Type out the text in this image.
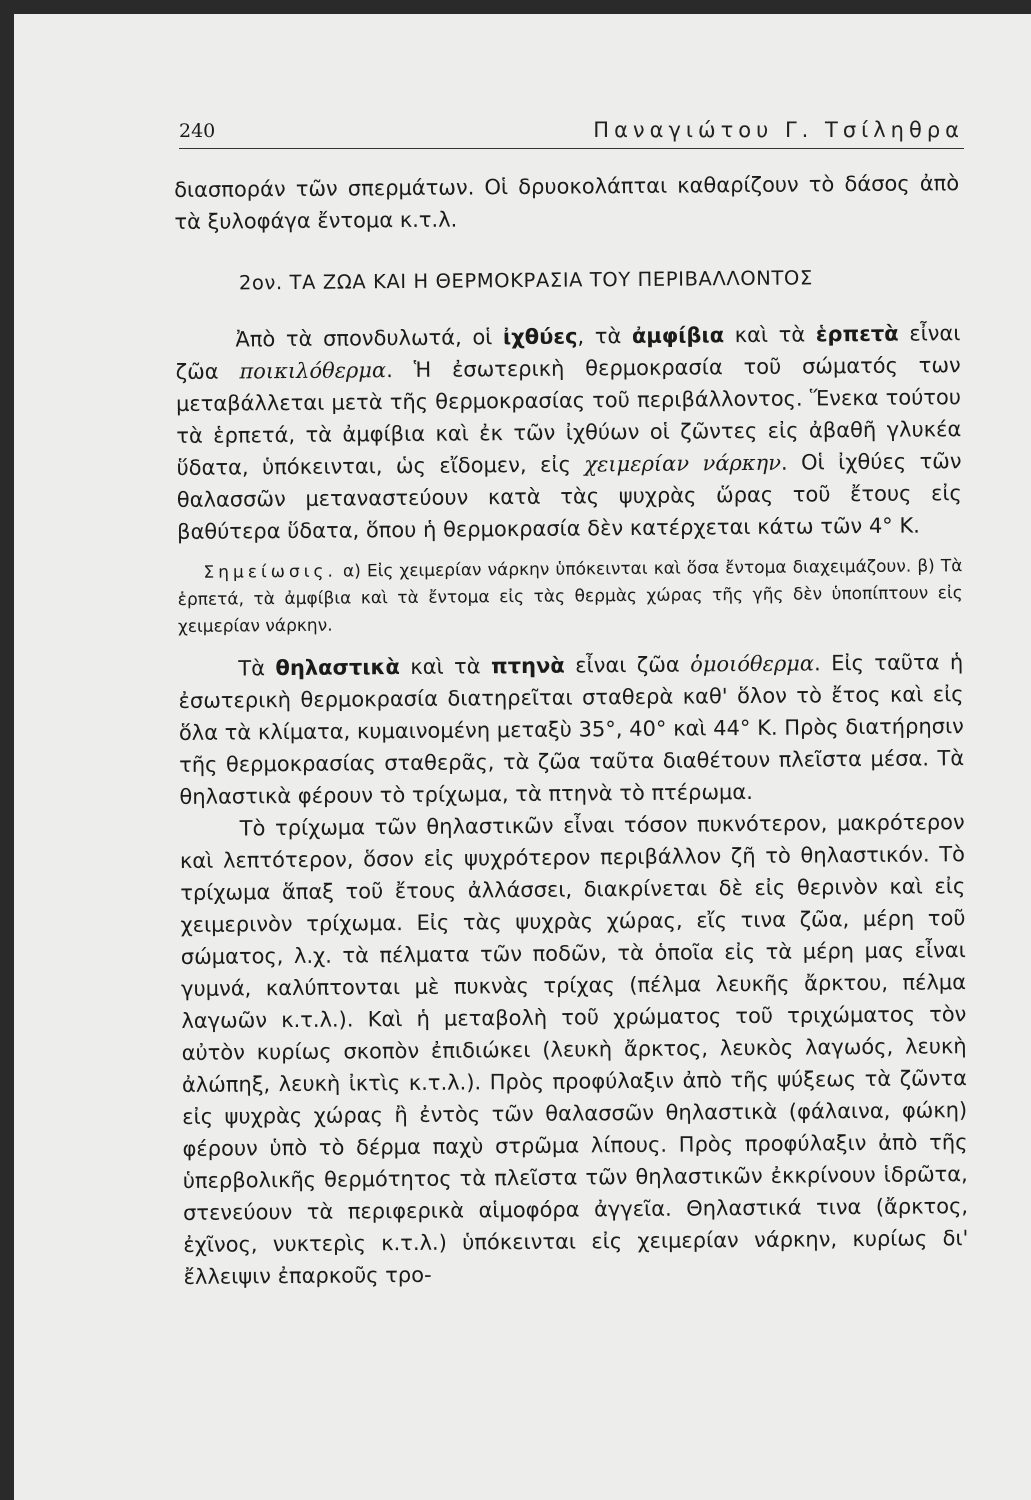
240	Παναγιώτου Γ. Τσίληθρα

διασποράν τῶν σπερμάτων. Οἱ δρυοκολάπται καθαρίζουν τὸ δάσος ἀπὸ τὰ ξυλοφάγα ἔντομα κ.τ.λ.

2ον. ΤΑ ΖΩΑ ΚΑΙ Η ΘΕΡΜΟΚΡΑΣΙΑ ΤΟΥ ΠΕΡΙΒΑΛΛΟΝΤΟΣ

Ἀπὸ τὰ σπονδυλωτά, οἱ ἰχθύες, τὰ ἀμφίβια καὶ τὰ ἑρπετὰ εἶναι ζῶα ποικιλόθερμα. Ἡ ἐσωτερικὴ θερμοκρασία τοῦ σώματός των μεταβάλλεται μετὰ τῆς θερμοκρασίας τοῦ περιβάλλοντος. Ἕνεκα τούτου τὰ ἑρπετά, τὰ ἀμφίβια καὶ ἐκ τῶν ἰχθύων οἱ ζῶντες εἰς ἀβαθῆ γλυκέα ὕδατα, ὑπόκεινται, ὡς εἴδομεν, εἰς χειμερίαν νάρκην. Οἱ ἰχθύες τῶν θαλασσῶν μεταναστεύουν κατὰ τὰς ψυχρὰς ὥρας τοῦ ἔτους εἰς βαθύτερα ὕδατα, ὅπου ἡ θερμοκρασία δὲν κατέρχεται κάτω τῶν 4° Κ.

Σημείωσις. α) Εἰς χειμερίαν νάρκην ὑπόκεινται καὶ ὅσα ἔντομα διαχειμάζουν. β) Τὰ ἑρπετά, τὰ ἀμφίβια καὶ τὰ ἔντομα εἰς τὰς θερμὰς χώρας τῆς γῆς δὲν ὑποπίπτουν εἰς χειμερίαν νάρκην.

Τὰ θηλαστικὰ καὶ τὰ πτηνὰ εἶναι ζῶα ὁμοιόθερμα. Εἰς ταῦτα ἡ ἐσωτερικὴ θερμοκρασία διατηρεῖται σταθερὰ καθ' ὅλον τὸ ἔτος καὶ εἰς ὅλα τὰ κλίματα, κυμαινομένη μεταξὺ 35°, 40° καὶ 44° Κ. Πρὸς διατήρησιν τῆς θερμοκρασίας σταθερᾶς, τὰ ζῶα ταῦτα διαθέτουν πλεῖστα μέσα. Τὰ θηλαστικὰ φέρουν τὸ τρίχωμα, τὰ πτηνὰ τὸ πτέρωμα.

Τὸ τρίχωμα τῶν θηλαστικῶν εἶναι τόσον πυκνότερον, μακρότερον καὶ λεπτότερον, ὅσον εἰς ψυχρότερον περιβάλλον ζῆ τὸ θηλαστικόν. Τὸ τρίχωμα ἅπαξ τοῦ ἔτους ἀλλάσσει, διακρίνεται δὲ εἰς θερινὸν καὶ εἰς χειμερινὸν τρίχωμα. Εἰς τὰς ψυχρὰς χώρας, εἴς τινα ζῶα, μέρη τοῦ σώματος, λ.χ. τὰ πέλματα τῶν ποδῶν, τὰ ὁποῖα εἰς τὰ μέρη μας εἶναι γυμνά, καλύπτονται μὲ πυκνὰς τρίχας (πέλμα λευκῆς ἄρκτου, πέλμα λαγωῶν κ.τ.λ.). Καὶ ἡ μεταβολὴ τοῦ χρώματος τοῦ τριχώματος τὸν αὐτὸν κυρίως σκοπὸν ἐπιδιώκει (λευκὴ ἄρκτος, λευκὸς λαγωός, λευκὴ ἀλώπηξ, λευκὴ ἰκτὶς κ.τ.λ.). Πρὸς προφύλαξιν ἀπὸ τῆς ψύξεως τὰ ζῶντα εἰς ψυχρὰς χώρας ἢ ἐντὸς τῶν θαλασσῶν θηλαστικὰ (φάλαινα, φώκη) φέρουν ὑπὸ τὸ δέρμα παχὺ στρῶμα λίπους. Πρὸς προφύλαξιν ἀπὸ τῆς ὑπερβολικῆς θερμότητος τὰ πλεῖστα τῶν θηλαστικῶν ἐκκρίνουν ἱδρῶτα, στενεύουν τὰ περιφερικὰ αἱμοφόρα ἀγγεῖα. Θηλαστικά τινα (ἄρκτος, ἐχῖνος, νυκτερὶς κ.τ.λ.) ὑπόκεινται εἰς χειμερίαν νάρκην, κυρίως δι' ἔλλειψιν ἐπαρκοῦς τρο-
